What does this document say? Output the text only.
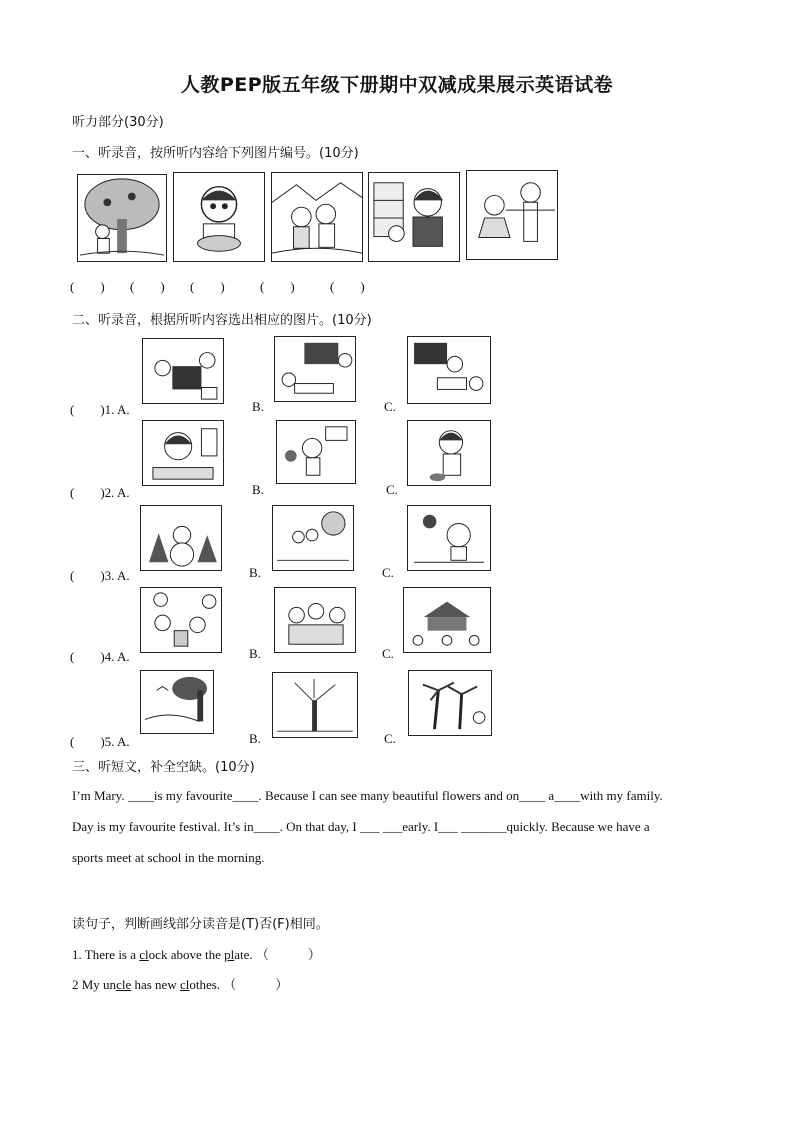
人教PEP版五年级下册期中双减成果展示英语试卷
听力部分(30分)
一、听录音，按所听内容给下列图片编号。(10分)
(　　) (　　) (　　)	(　　)	(　　)
二、听录音，根据所听内容选出相应的图片。(10分)
(　　)1. A.	B.	C.
(　　)2. A.	B.	C.
(　　)3. A.	B.	C.
(　　)4. A.	B.	C.
(　　)5. A.	B.	C.
三、听短文，补全空缺。(10分)
I’m Mary. ____is my favourite____. Because I can see many beautiful flowers and on____ a____with my family.
Day is my favourite festival. It’s in____. On that day, I ___ ___early. I___ _______quickly. Because we have a
sports meet at school in the morning.
读句子，判断画线部分读音是(T)否(F)相同。
1. There is a clock above the plate. （　　　）
2 My uncle has new clothes. （　　　）
